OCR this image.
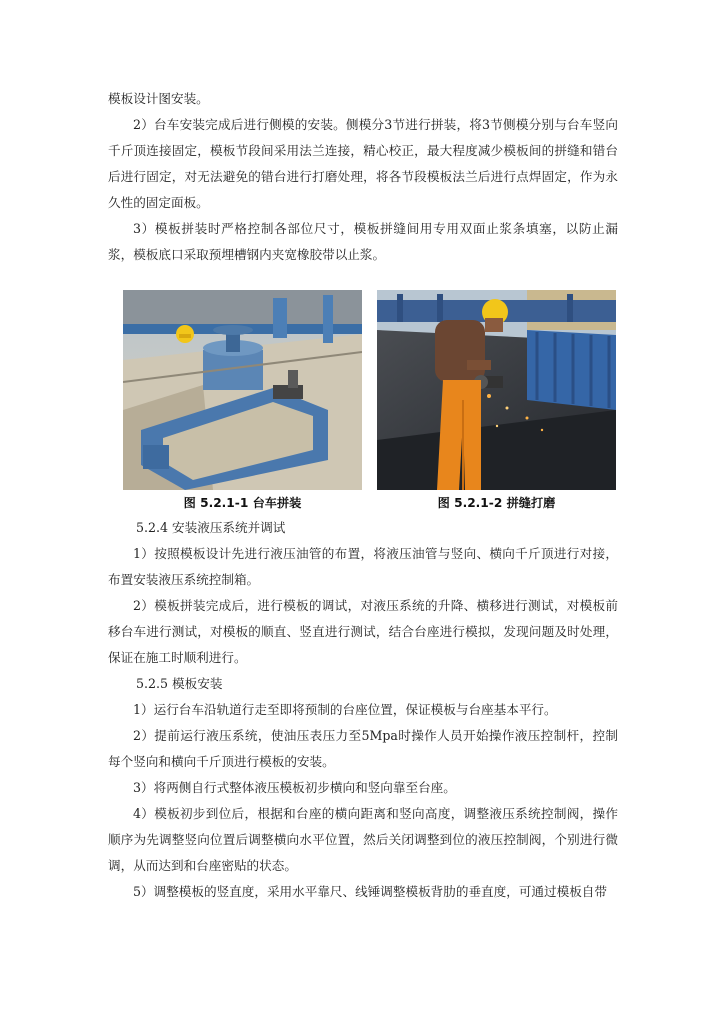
模板设计图安装。

2）台车安装完成后进行侧模的安装。侧模分3节进行拼装，将3节侧模分别与台车竖向千斤顶连接固定，模板节段间采用法兰连接，精心校正，最大程度减少模板间的拼缝和错台后进行固定，对无法避免的错台进行打磨处理，将各节段模板法兰后进行点焊固定，作为永久性的固定面板。

3）模板拼装时严格控制各部位尺寸，模板拼缝间用专用双面止浆条填塞，以防止漏浆，模板底口采取预埋槽钢内夹宽橡胶带以止浆。

图 5.2.1-1 台车拼装	图 5.2.1-2 拼缝打磨

5.2.4 安装液压系统并调试

1）按照模板设计先进行液压油管的布置，将液压油管与竖向、横向千斤顶进行对接，布置安装液压系统控制箱。

2）模板拼装完成后，进行模板的调试，对液压系统的升降、横移进行测试，对模板前移台车进行测试，对模板的顺直、竖直进行测试，结合台座进行模拟，发现问题及时处理，保证在施工时顺利进行。

5.2.5 模板安装

1）运行台车沿轨道行走至即将预制的台座位置，保证模板与台座基本平行。

2）提前运行液压系统，使油压表压力至5Mpa时操作人员开始操作液压控制杆，控制每个竖向和横向千斤顶进行模板的安装。

3）将两侧自行式整体液压模板初步横向和竖向靠至台座。

4）模板初步到位后，根据和台座的横向距离和竖向高度，调整液压系统控制阀，操作顺序为先调整竖向位置后调整横向水平位置，然后关闭调整到位的液压控制阀，个别进行微调，从而达到和台座密贴的状态。

5）调整模板的竖直度，采用水平靠尺、线锤调整模板背肋的垂直度，可通过模板自带
